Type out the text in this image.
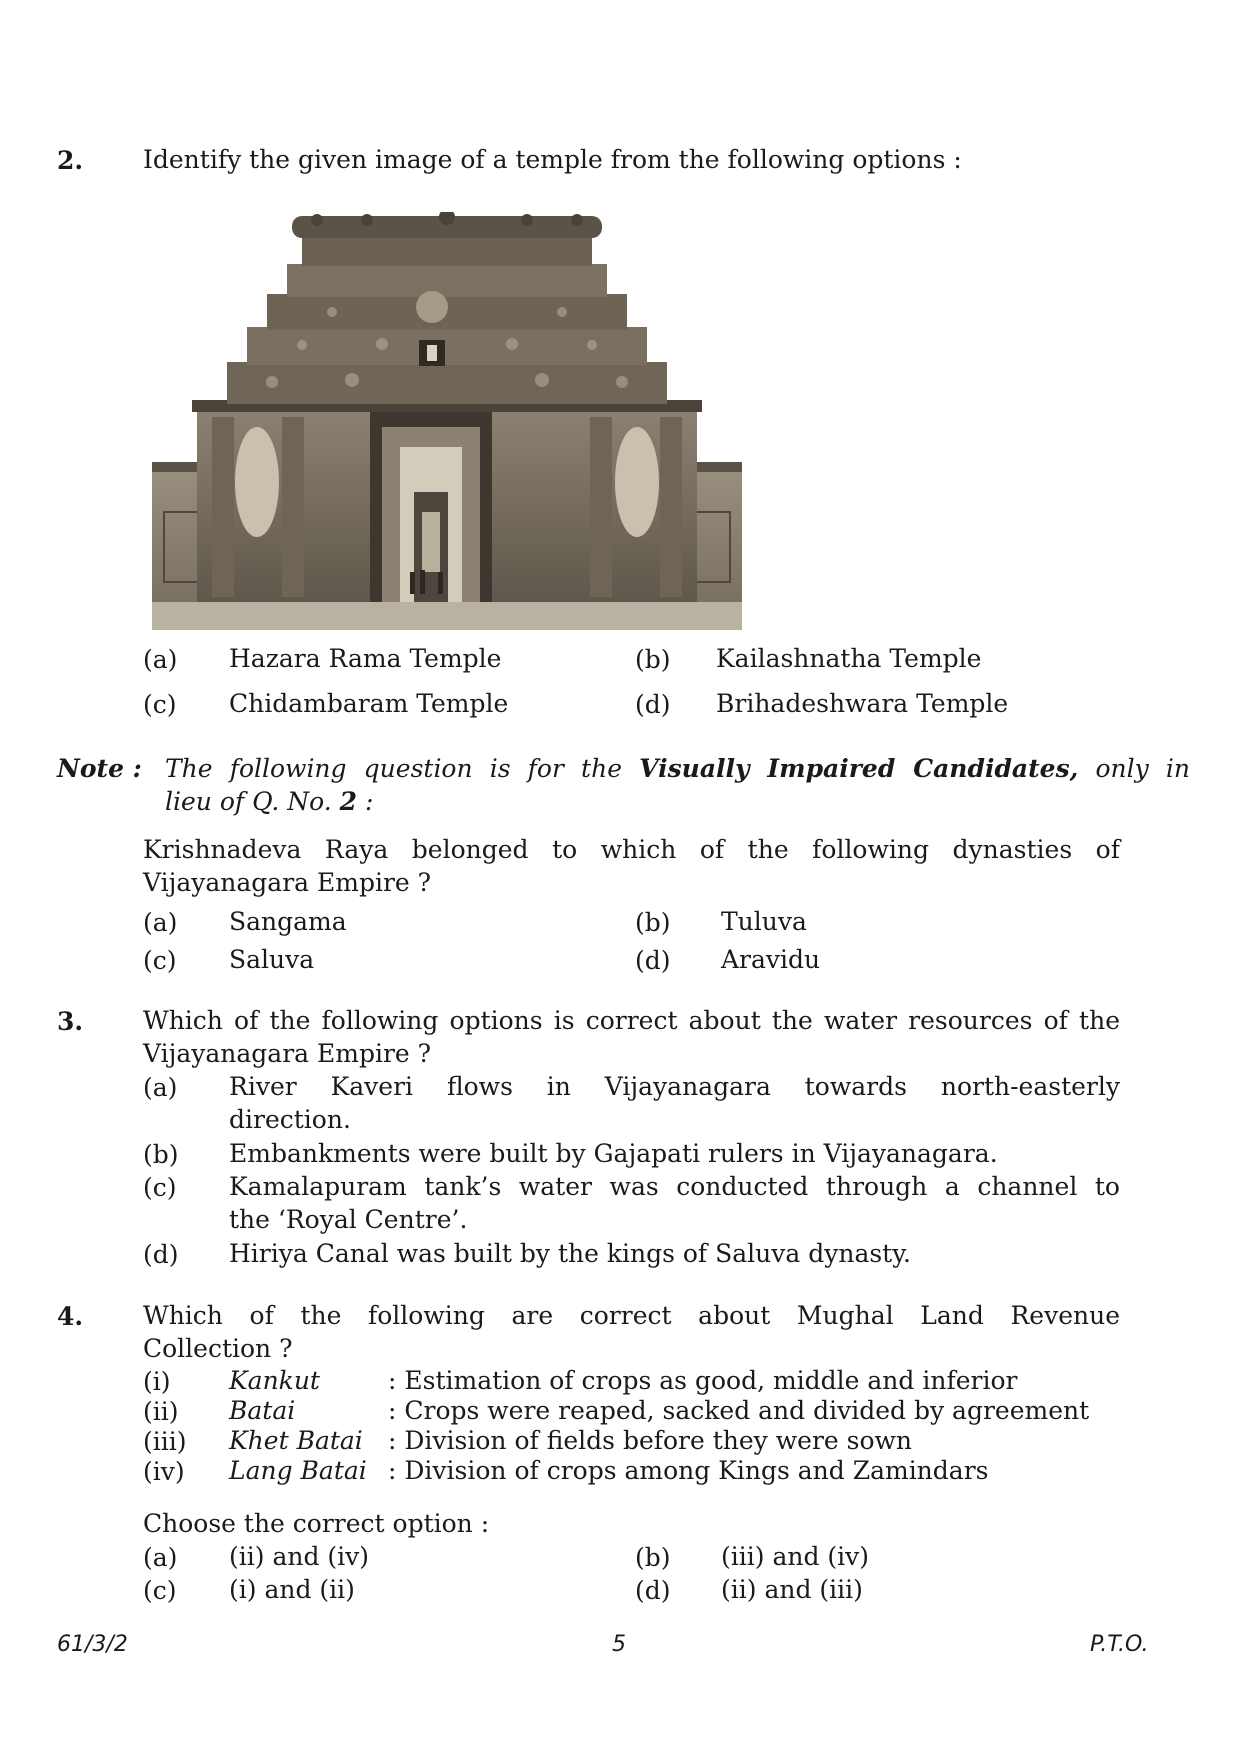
2. Identify the given image of a temple from the following options :
(a) Hazara Rama Temple	(b) Kailashnatha Temple
(c) Chidambaram Temple	(d) Brihadeshwara Temple
Note : The following question is for the Visually Impaired Candidates, only in
lieu of Q. No. 2 :
Krishnadeva Raya belonged to which of the following dynasties of
Vijayanagara Empire ?
(a) Sangama	(b) Tuluva
(c) Saluva	(d) Aravidu
3. Which of the following options is correct about the water resources of the
Vijayanagara Empire ?
(a) River Kaveri flows in Vijayanagara towards north-easterly
direction.
(b) Embankments were built by Gajapati rulers in Vijayanagara.
(c) Kamalapuram tank’s water was conducted through a channel to
the ‘Royal Centre’.
(d) Hiriya Canal was built by the kings of Saluva dynasty.
4. Which of the following are correct about Mughal Land Revenue
Collection ?
(i) Kankut	: Estimation of crops as good, middle and inferior
(ii) Batai	: Crops were reaped, sacked and divided by agreement
(iii) Khet Batai : Division of fields before they were sown
(iv) Lang Batai : Division of crops among Kings and Zamindars
Choose the correct option :
(a) (ii) and (iv)	(b) (iii) and (iv)
(c) (i) and (ii)	(d) (ii) and (iii)
61/3/2	5	P.T.O.
